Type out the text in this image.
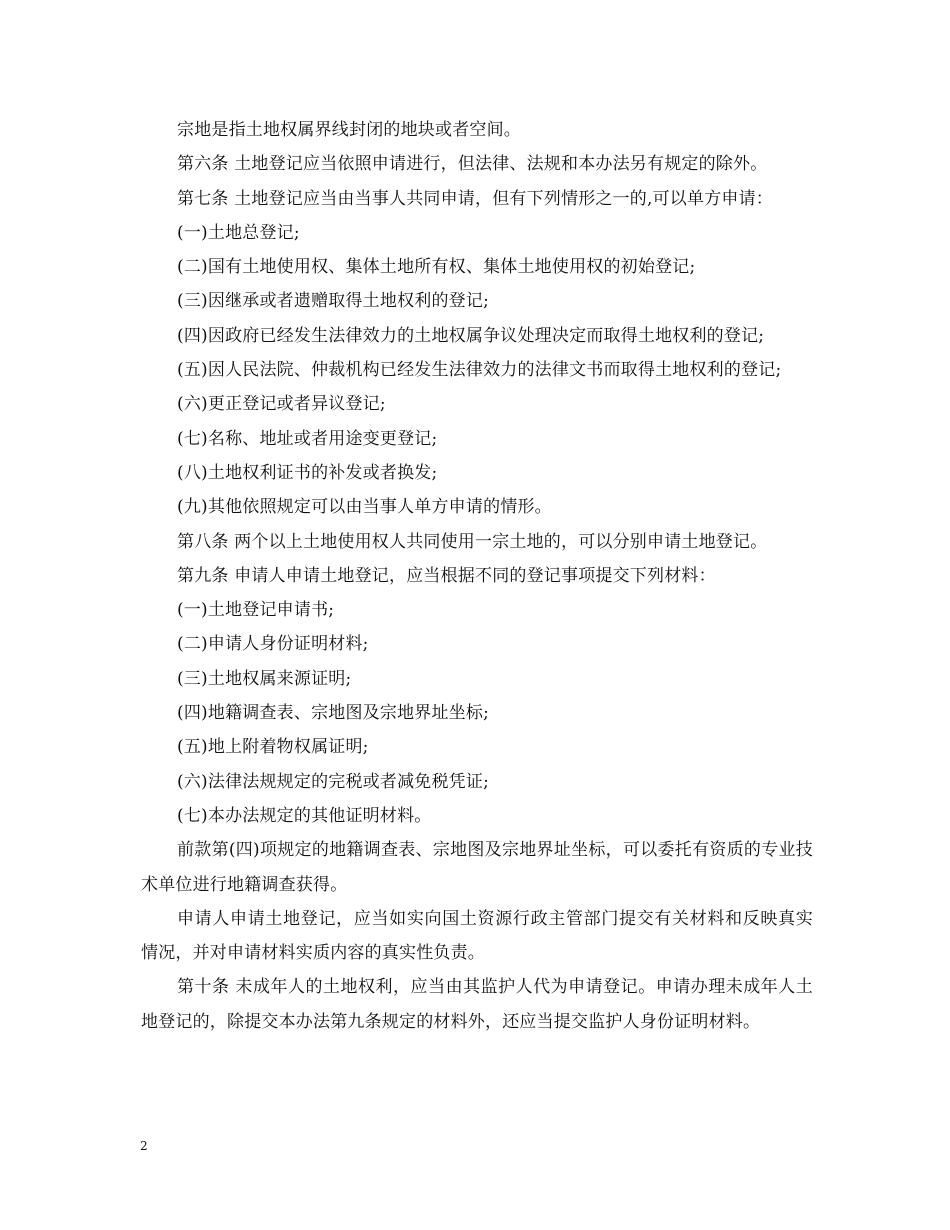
宗地是指土地权属界线封闭的地块或者空间。

第六条 土地登记应当依照申请进行，但法律、法规和本办法另有规定的除外。

第七条 土地登记应当由当事人共同申请，但有下列情形之一的,可以单方申请：

(一)土地总登记;

(二)国有土地使用权、集体土地所有权、集体土地使用权的初始登记;

(三)因继承或者遗赠取得土地权利的登记;

(四)因政府已经发生法律效力的土地权属争议处理决定而取得土地权利的登记;

(五)因人民法院、仲裁机构已经发生法律效力的法律文书而取得土地权利的登记;

(六)更正登记或者异议登记;

(七)名称、地址或者用途变更登记;

(八)土地权利证书的补发或者换发;

(九)其他依照规定可以由当事人单方申请的情形。

第八条 两个以上土地使用权人共同使用一宗土地的，可以分别申请土地登记。

第九条 申请人申请土地登记，应当根据不同的登记事项提交下列材料：

(一)土地登记申请书;

(二)申请人身份证明材料;

(三)土地权属来源证明;

(四)地籍调查表、宗地图及宗地界址坐标;

(五)地上附着物权属证明;

(六)法律法规规定的完税或者减免税凭证;

(七)本办法规定的其他证明材料。

前款第(四)项规定的地籍调查表、宗地图及宗地界址坐标，可以委托有资质的专业技术单位进行地籍调查获得。

申请人申请土地登记，应当如实向国土资源行政主管部门提交有关材料和反映真实情况，并对申请材料实质内容的真实性负责。

第十条 未成年人的土地权利，应当由其监护人代为申请登记。申请办理未成年人土地登记的，除提交本办法第九条规定的材料外，还应当提交监护人身份证明材料。

2
